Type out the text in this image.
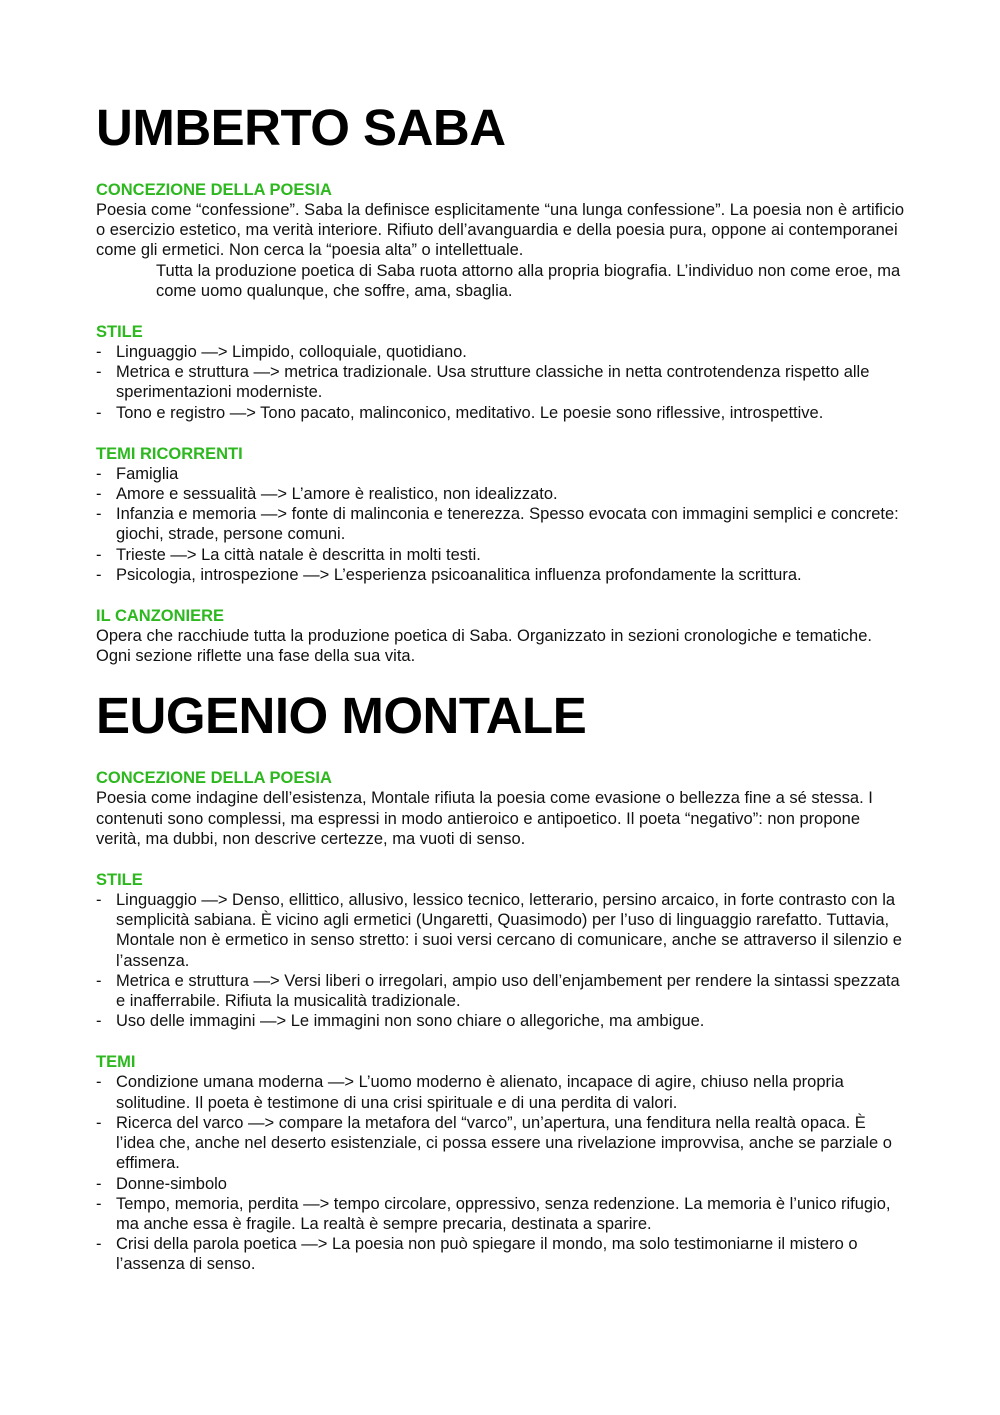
UMBERTO SABA
CONCEZIONE DELLA POESIA

Poesia come “confessione”. Saba la definisce esplicitamente “una lunga confessione”. La poesia non è artificio o esercizio estetico, ma verità interiore. Rifiuto dell’avanguardia e della poesia pura, oppone ai contemporanei come gli ermetici. Non cerca la “poesia alta” o intellettuale.

Tutta la produzione poetica di Saba ruota attorno alla propria biografia. L’individuo non come eroe, ma come uomo qualunque, che soffre, ama, sbaglia.

STILE
- Linguaggio —> Limpido, colloquiale, quotidiano.
- Metrica e struttura —> metrica tradizionale. Usa strutture classiche in netta controtendenza rispetto alle sperimentazioni moderniste.
- Tono e registro —> Tono pacato, malinconico, meditativo. Le poesie sono riflessive, introspettive.
TEMI RICORRENTI
- Famiglia
- Amore e sessualità —> L’amore è realistico, non idealizzato.
- Infanzia e memoria —> fonte di malinconia e tenerezza. Spesso evocata con immagini semplici e concrete: giochi, strade, persone comuni.
- Trieste —> La città natale è descritta in molti testi.
- Psicologia, introspezione —> L’esperienza psicoanalitica influenza profondamente la scrittura.
IL CANZONIERE

Opera che racchiude tutta la produzione poetica di Saba. Organizzato in sezioni cronologiche e tematiche. Ogni sezione riflette una fase della sua vita.

EUGENIO MONTALE
CONCEZIONE DELLA POESIA

Poesia come indagine dell’esistenza, Montale rifiuta la poesia come evasione o bellezza fine a sé stessa. I contenuti sono complessi, ma espressi in modo antieroico e antipoetico. Il poeta “negativo”: non propone verità, ma dubbi, non descrive certezze, ma vuoti di senso.

STILE
- Linguaggio —> Denso, ellittico, allusivo, lessico tecnico, letterario, persino arcaico, in forte contrasto con la semplicità sabiana. È vicino agli ermetici (Ungaretti, Quasimodo) per l’uso di linguaggio rarefatto. Tuttavia, Montale non è ermetico in senso stretto: i suoi versi cercano di comunicare, anche se attraverso il silenzio e l’assenza.
- Metrica e struttura —> Versi liberi o irregolari, ampio uso dell’enjambement per rendere la sintassi spezzata e inafferrabile. Rifiuta la musicalità tradizionale.
- Uso delle immagini —> Le immagini non sono chiare o allegoriche, ma ambigue.
TEMI
- Condizione umana moderna —> L’uomo moderno è alienato, incapace di agire, chiuso nella propria solitudine. Il poeta è testimone di una crisi spirituale e di una perdita di valori.
- Ricerca del varco —> compare la metafora del “varco”, un’apertura, una fenditura nella realtà opaca. È l’idea che, anche nel deserto esistenziale, ci possa essere una rivelazione improvvisa, anche se parziale o effimera.
- Donne-simbolo
- Tempo, memoria, perdita —> tempo circolare, oppressivo, senza redenzione. La memoria è l’unico rifugio, ma anche essa è fragile. La realtà è sempre precaria, destinata a sparire.
- Crisi della parola poetica —> La poesia non può spiegare il mondo, ma solo testimoniarne il mistero o l’assenza di senso.
